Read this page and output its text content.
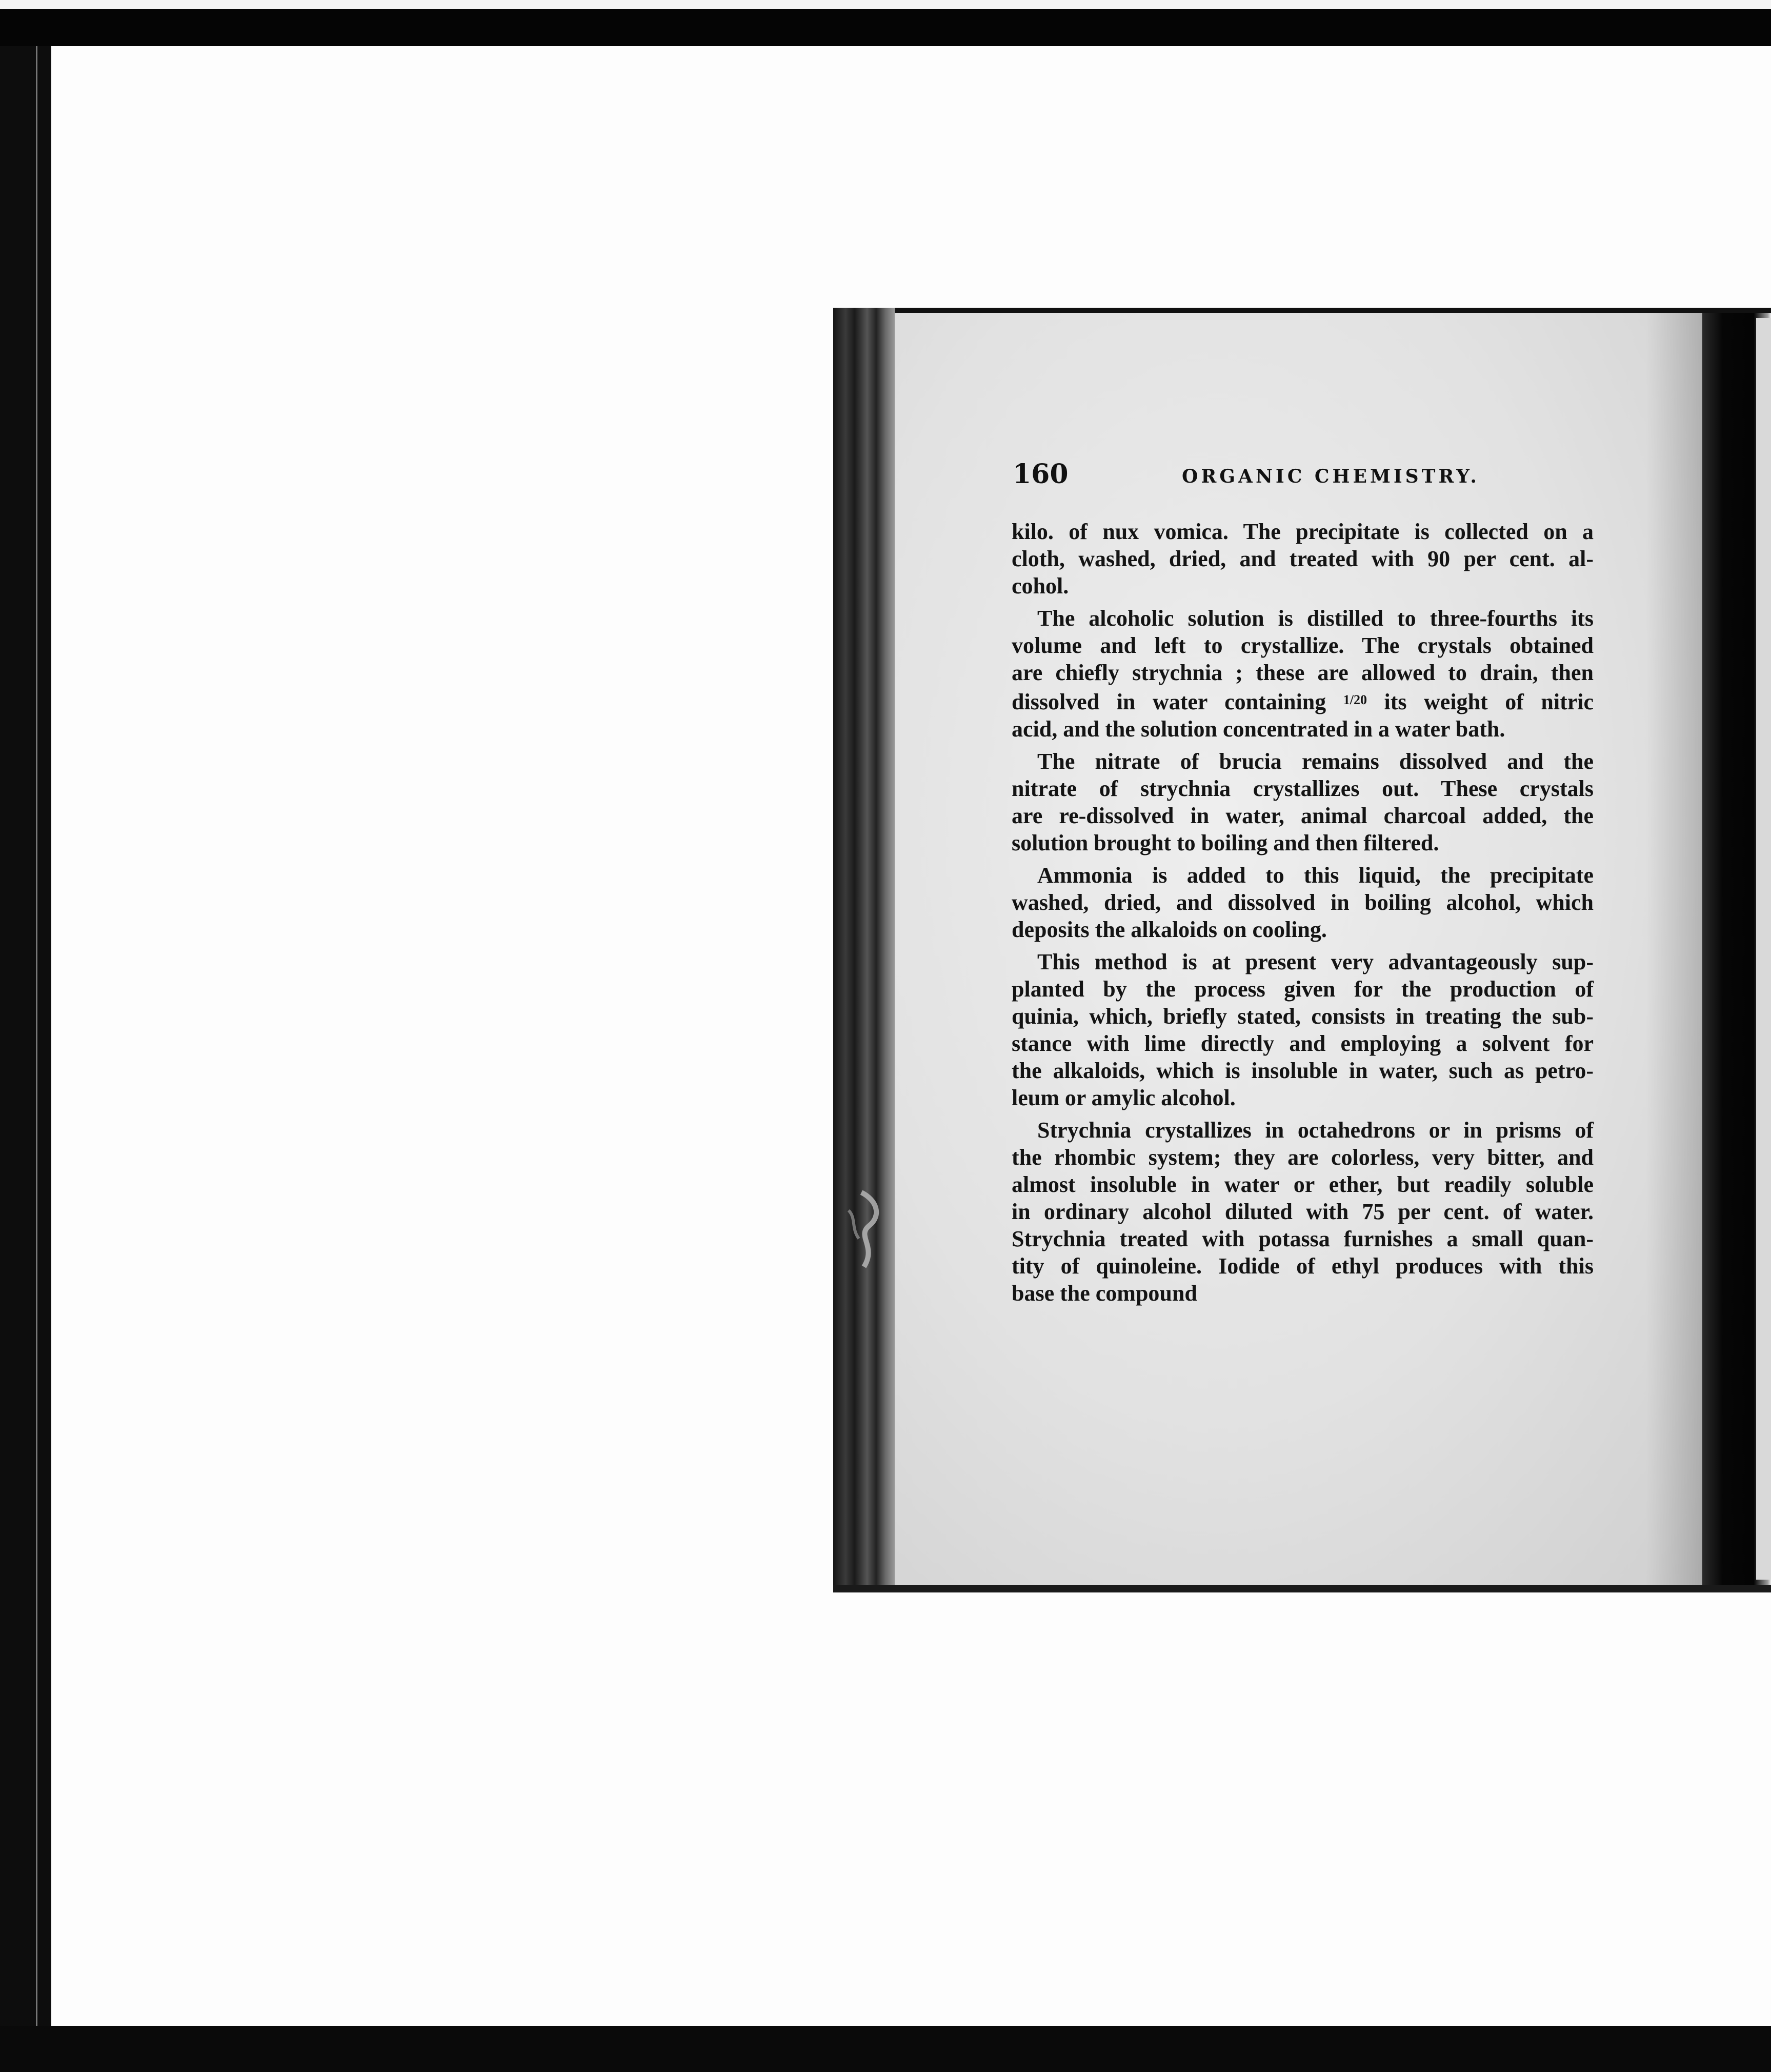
160	ORGANIC CHEMISTRY.
kilo. of nux vomica. The precipitate is collected on a
cloth, washed, dried, and treated with 90 per cent. al-
cohol.
The alcoholic solution is distilled to three-fourths its
volume and left to crystallize. The crystals obtained
are chiefly strychnia ; these are allowed to drain, then
dissolved in water containing $^{1/20}$ its weight of nitric
acid, and the solution concentrated in a water bath.
The nitrate of brucia remains dissolved and the
nitrate of strychnia crystallizes out. These crystals
are re-dissolved in water, animal charcoal added, the
solution brought to boiling and then filtered.
Ammonia is added to this liquid, the precipitate
washed, dried, and dissolved in boiling alcohol, which
deposits the alkaloids on cooling.
This method is at present very advantageously sup-
planted by the process given for the production of
quinia, which, briefly stated, consists in treating the sub-
stance with lime directly and employing a solvent for
the alkaloids, which is insoluble in water, such as petro-
leum or amylic alcohol.
Strychnia crystallizes in octahedrons or in prisms of
the rhombic system; they are colorless, very bitter, and
almost insoluble in water or ether, but readily soluble
in ordinary alcohol diluted with 75 per cent. of water.
Strychnia treated with potassa furnishes a small quan-
tity of quinoleine. Iodide of ethyl produces with this
base the compound
